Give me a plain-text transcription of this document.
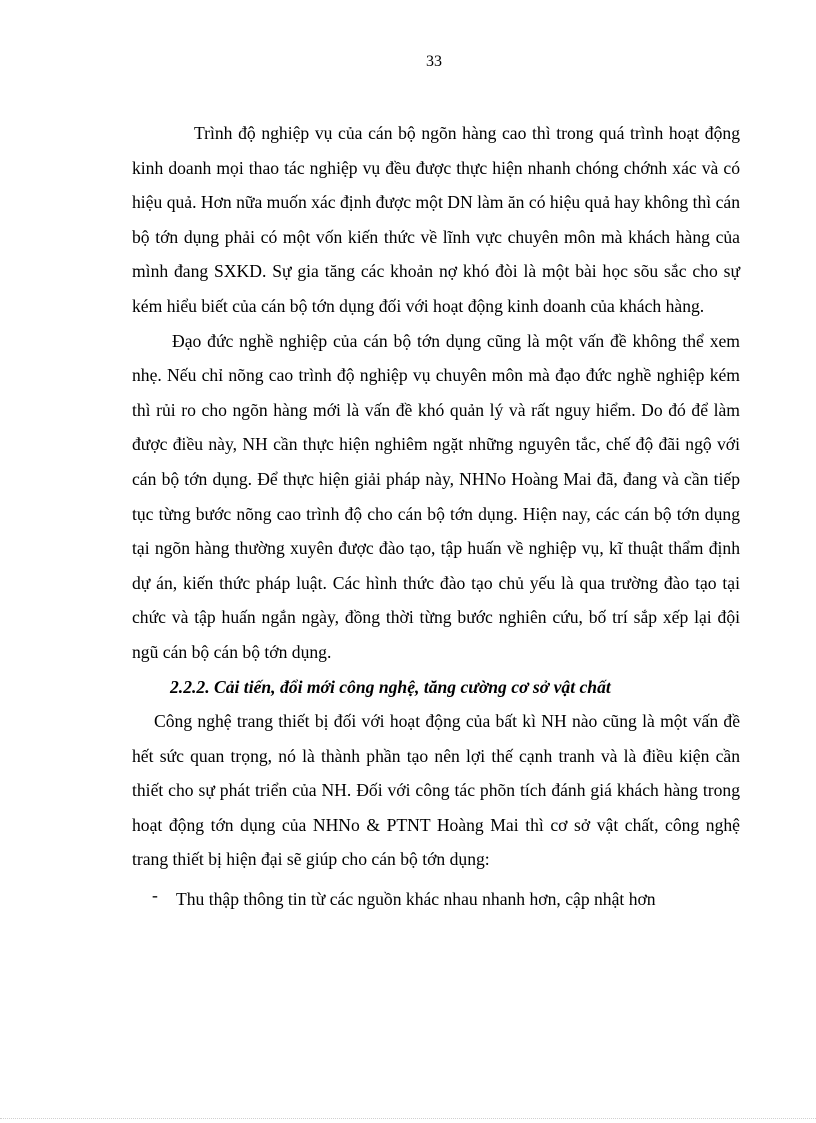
33

Trình độ nghiệp vụ của cán bộ ngõn hàng cao thì trong quá trình hoạt động kinh doanh mọi thao tác nghiệp vụ đều được thực hiện nhanh chóng chớnh xác và có hiệu quả. Hơn nữa muốn xác định được một DN làm ăn có hiệu quả hay không thì cán bộ tớn dụng phải có một vốn kiến thức về lĩnh vực chuyên môn mà khách hàng của mình đang SXKD. Sự gia tăng các khoản nợ khó đòi là một bài học sõu sắc cho sự kém hiểu biết của cán bộ tớn dụng đối với hoạt động kinh doanh của khách hàng.

Đạo đức nghề nghiệp của cán bộ tớn dụng cũng là một vấn đề không thể xem nhẹ. Nếu chỉ nõng cao trình độ nghiệp vụ chuyên môn mà đạo đức nghề nghiệp kém thì rủi ro cho ngõn hàng mới là vấn đề khó quản lý và rất nguy hiểm. Do đó để làm được điều này, NH cần thực hiện nghiêm ngặt những nguyên tắc, chế độ đãi ngộ với cán bộ tớn dụng. Để thực hiện giải pháp này, NHNo Hoàng Mai đã, đang và cần tiếp tục từng bước nõng cao trình độ cho cán bộ tớn dụng. Hiện nay, các cán bộ tớn dụng tại ngõn hàng thường xuyên được đào tạo, tập huấn về nghiệp vụ, kĩ thuật thẩm định dự án, kiến thức pháp luật. Các hình thức đào tạo chủ yếu là qua trường đào tạo tại chức và tập huấn ngắn ngày, đồng thời từng bước nghiên cứu, bố trí sắp xếp lại đội ngũ cán bộ cán bộ tớn dụng.

2.2.2. Cải tiến, đổi mới công nghệ, tăng cường cơ sở vật chất

Công nghệ trang thiết bị đối với hoạt động của bất kì NH nào cũng là một vấn đề hết sức quan trọng, nó là thành phần tạo nên lợi thế cạnh tranh và là điều kiện cần thiết cho sự phát triển của NH. Đối với công tác phõn tích đánh giá khách hàng trong hoạt động tớn dụng của NHNo & PTNT Hoàng Mai thì cơ sở vật chất, công nghệ trang thiết bị hiện đại sẽ giúp cho cán bộ tớn dụng:

- Thu thập thông tin từ các nguồn khác nhau nhanh hơn, cập nhật hơn
